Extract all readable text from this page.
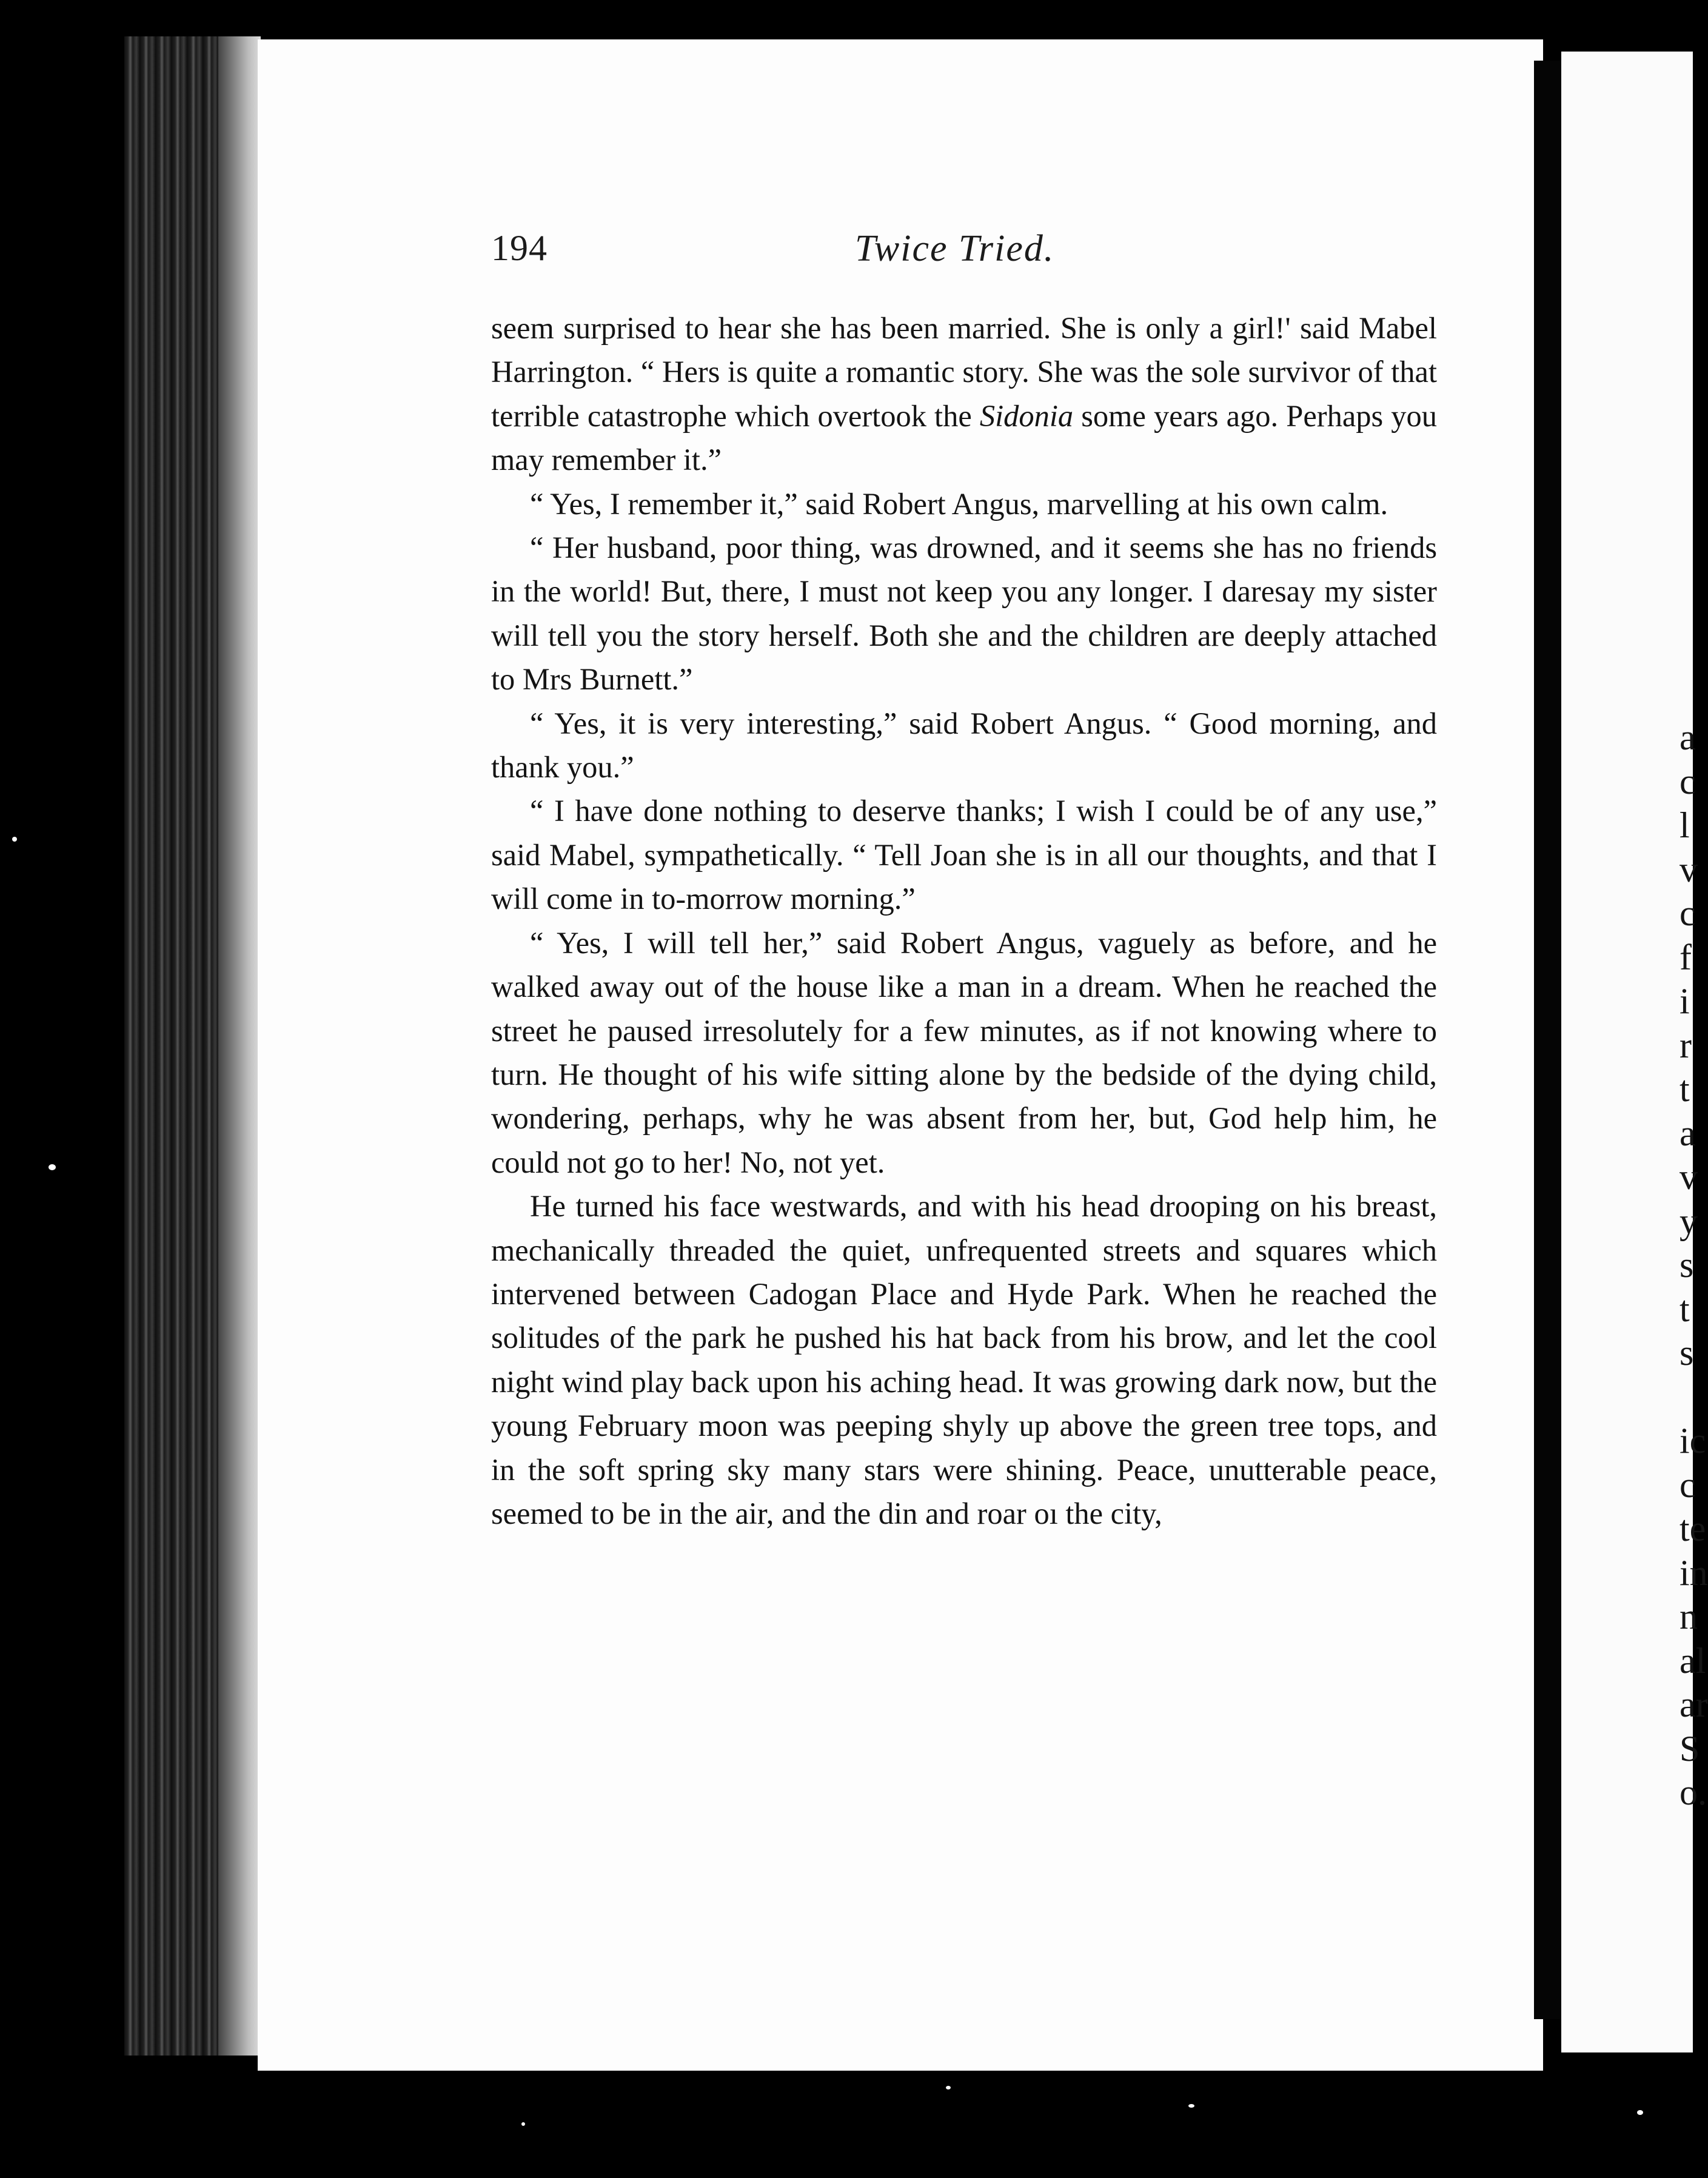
a
c
l
v
c
f
i
r
t
a
v
y
s
t
s
ic
c
te
in
n
al
ar
S
o.
194	Twice Tried.

seem surprised to hear she has been married. She is only a girl!' said Mabel Harrington. “ Hers is quite a romantic story. She was the sole survivor of that terrible catastrophe which overtook the Sidonia some years ago. Perhaps you may remember it.”

“ Yes, I remember it,” said Robert Angus, marvelling at his own calm.

“ Her husband, poor thing, was drowned, and it seems she has no friends in the world! But, there, I must not keep you any longer. I daresay my sister will tell you the story herself. Both she and the children are deeply attached to Mrs Burnett.”

“ Yes, it is very interesting,” said Robert Angus. “ Good morning, and thank you.”

“ I have done nothing to deserve thanks; I wish I could be of any use,” said Mabel, sympathetically. “ Tell Joan she is in all our thoughts, and that I will come in to-morrow morning.”

“ Yes, I will tell her,” said Robert Angus, vaguely as before, and he walked away out of the house like a man in a dream. When he reached the street he paused irresolutely for a few minutes, as if not knowing where to turn. He thought of his wife sitting alone by the bedside of the dying child, wondering, perhaps, why he was absent from her, but, God help him, he could not go to her! No, not yet.

He turned his face westwards, and with his head drooping on his breast, mechanically threaded the quiet, unfrequented streets and squares which intervened between Cadogan Place and Hyde Park. When he reached the solitudes of the park he pushed his hat back from his brow, and let the cool night wind play back upon his aching head. It was growing dark now, but the young February moon was peeping shyly up above the green tree tops, and in the soft spring sky many stars were shining. Peace, unutterable peace, seemed to be in the air, and the din and roar oı the city,
